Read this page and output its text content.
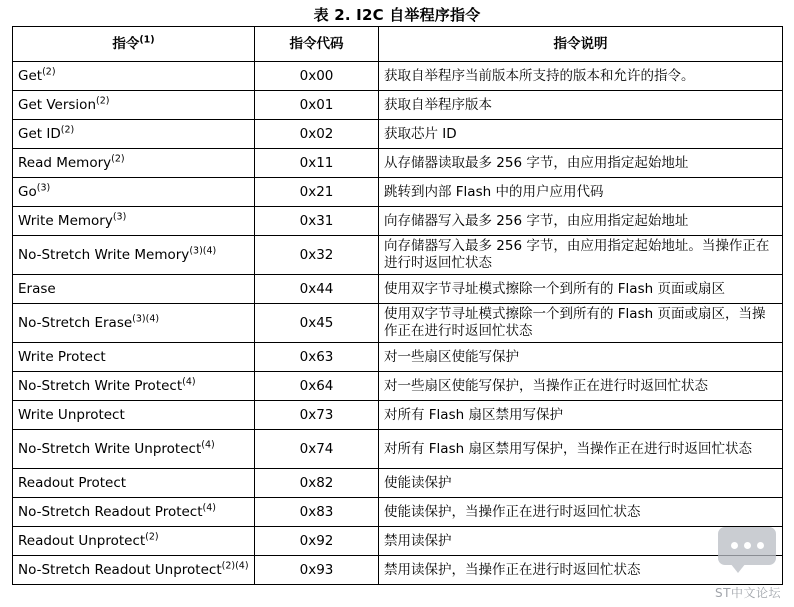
表 2. I2C 自举程序指令
指令$^{(1)}$	指令代码	指令说明
Get$^{(2)}$	0x00	获取自举程序当前版本所支持的版本和允许的指令。
Get Version$^{(2)}$	0x01	获取自举程序版本
Get ID$^{(2)}$	0x02	获取芯片 ID
Read Memory$^{(2)}$	0x11	从存储器读取最多 256 字节，由应用指定起始地址
Go$^{(3)}$	0x21	跳转到内部 Flash 中的用户应用代码
Write Memory$^{(3)}$	0x31	向存储器写入最多 256 字节，由应用指定起始地址
No-Stretch Write Memory$^{(3)(4)}$	0x32	向存储器写入最多 256 字节，由应用指定起始地址。当操作正在进行时返回忙状态
Erase	0x44	使用双字节寻址模式擦除一个到所有的 Flash 页面或扇区
No-Stretch Erase$^{(3)(4)}$	0x45	使用双字节寻址模式擦除一个到所有的 Flash 页面或扇区，当操作正在进行时返回忙状态
Write Protect	0x63	对一些扇区使能写保护
No-Stretch Write Protect$^{(4)}$	0x64	对一些扇区使能写保护，当操作正在进行时返回忙状态
Write Unprotect	0x73	对所有 Flash 扇区禁用写保护
No-Stretch Write Unprotect$^{(4)}$	0x74	对所有 Flash 扇区禁用写保护，当操作正在进行时返回忙状态
Readout Protect	0x82	使能读保护
No-Stretch Readout Protect$^{(4)}$	0x83	使能读保护，当操作正在进行时返回忙状态
Readout Unprotect$^{(2)}$	0x92	禁用读保护
No-Stretch Readout Unprotect$^{(2)(4)}$	0x93	禁用读保护，当操作正在进行时返回忙状态
ST中文论坛
